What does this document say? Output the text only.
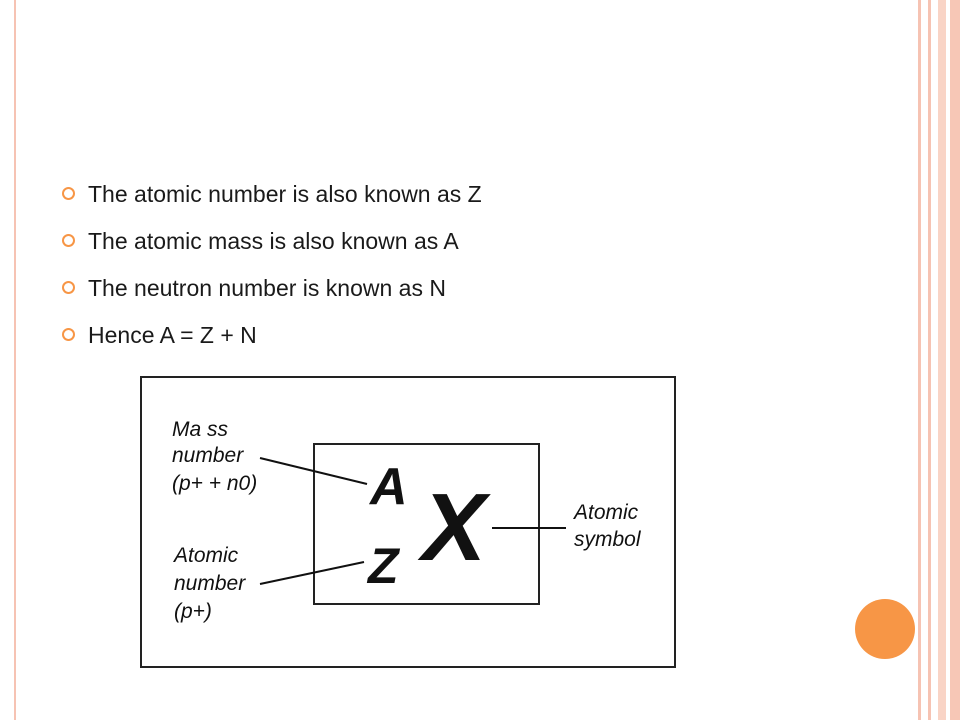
The atomic number is also known as Z
The atomic mass is also known as A
The neutron number is known as N
Hence A = Z + N
Ma ss
number
(p+ + n0)
Atomic
number
(p+)
Atomic
symbol
A
Z X
